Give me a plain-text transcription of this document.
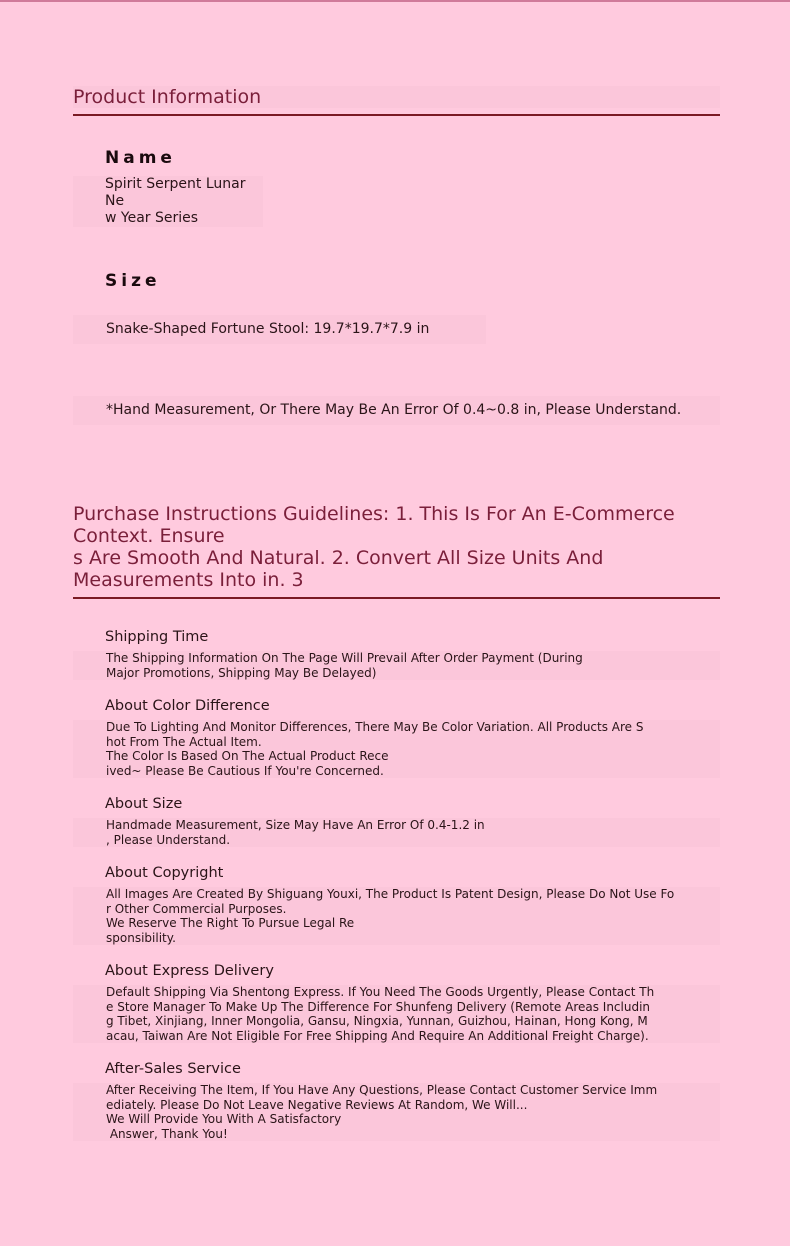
Product Information
Name
Spirit Serpent Lunar Ne
w Year Series
Size
Snake-Shaped Fortune Stool: 19.7*19.7*7.9 in
*Hand Measurement, Or There May Be An Error Of 0.4~0.8 in, Please Understand.
Purchase Instructions Guidelines: 1. This Is For An E-Commerce Context. Ensure
s Are Smooth And Natural. 2. Convert All Size Units And Measurements Into in. 3
Shipping Time
The Shipping Information On The Page Will Prevail After Order Payment (During
Major Promotions, Shipping May Be Delayed)
About Color Difference
Due To Lighting And Monitor Differences, There May Be Color Variation. All Products Are S
hot From The Actual Item.
The Color Is Based On The Actual Product Rece
ived~ Please Be Cautious If You're Concerned.
About Size
Handmade Measurement, Size May Have An Error Of 0.4-1.2 in
, Please Understand.
About Copyright
All Images Are Created By Shiguang Youxi, The Product Is Patent Design, Please Do Not Use Fo
r Other Commercial Purposes.
We Reserve The Right To Pursue Legal Re
sponsibility.
About Express Delivery
Default Shipping Via Shentong Express. If You Need The Goods Urgently, Please Contact Th
e Store Manager To Make Up The Difference For Shunfeng Delivery (Remote Areas Includin
g Tibet, Xinjiang, Inner Mongolia, Gansu, Ningxia, Yunnan, Guizhou, Hainan, Hong Kong, M
acau, Taiwan Are Not Eligible For Free Shipping And Require An Additional Freight Charge).
After-Sales Service
After Receiving The Item, If You Have Any Questions, Please Contact Customer Service Imm
ediately. Please Do Not Leave Negative Reviews At Random, We Will...
We Will Provide You With A Satisfactory
Answer, Thank You!
